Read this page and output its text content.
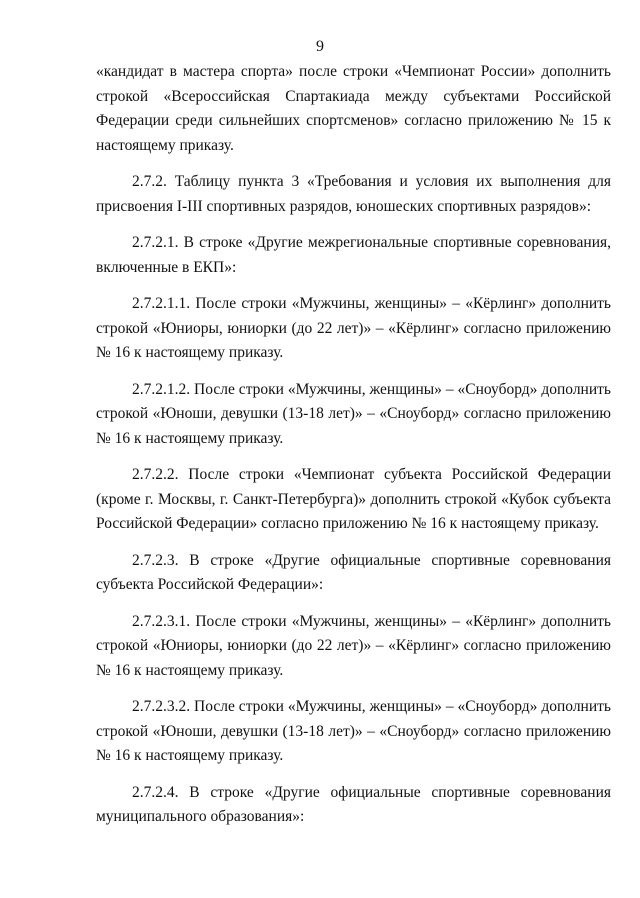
9

«кандидат в мастера спорта» после строки «Чемпионат России» дополнить строкой «Всероссийская Спартакиада между субъектами Российской Федерации среди сильнейших спортсменов» согласно приложению № 15 к настоящему приказу.

2.7.2. Таблицу пункта 3 «Требования и условия их выполнения для присвоения I-III спортивных разрядов, юношеских спортивных разрядов»:

2.7.2.1. В строке «Другие межрегиональные спортивные соревнования, включенные в ЕКП»:

2.7.2.1.1. После строки «Мужчины, женщины» – «Кёрлинг» дополнить строкой «Юниоры, юниорки (до 22 лет)» – «Кёрлинг» согласно приложению № 16 к настоящему приказу.

2.7.2.1.2. После строки «Мужчины, женщины» – «Сноуборд» дополнить строкой «Юноши, девушки (13-18 лет)» – «Сноуборд» согласно приложению № 16 к настоящему приказу.

2.7.2.2. После строки «Чемпионат субъекта Российской Федерации (кроме г. Москвы, г. Санкт-Петербурга)» дополнить строкой «Кубок субъекта Российской Федерации» согласно приложению № 16 к настоящему приказу.

2.7.2.3. В строке «Другие официальные спортивные соревнования субъекта Российской Федерации»:

2.7.2.3.1. После строки «Мужчины, женщины» – «Кёрлинг» дополнить строкой «Юниоры, юниорки (до 22 лет)» – «Кёрлинг» согласно приложению № 16 к настоящему приказу.

2.7.2.3.2. После строки «Мужчины, женщины» – «Сноуборд» дополнить строкой «Юноши, девушки (13-18 лет)» – «Сноуборд» согласно приложению № 16 к настоящему приказу.

2.7.2.4. В строке «Другие официальные спортивные соревнования муниципального образования»:
